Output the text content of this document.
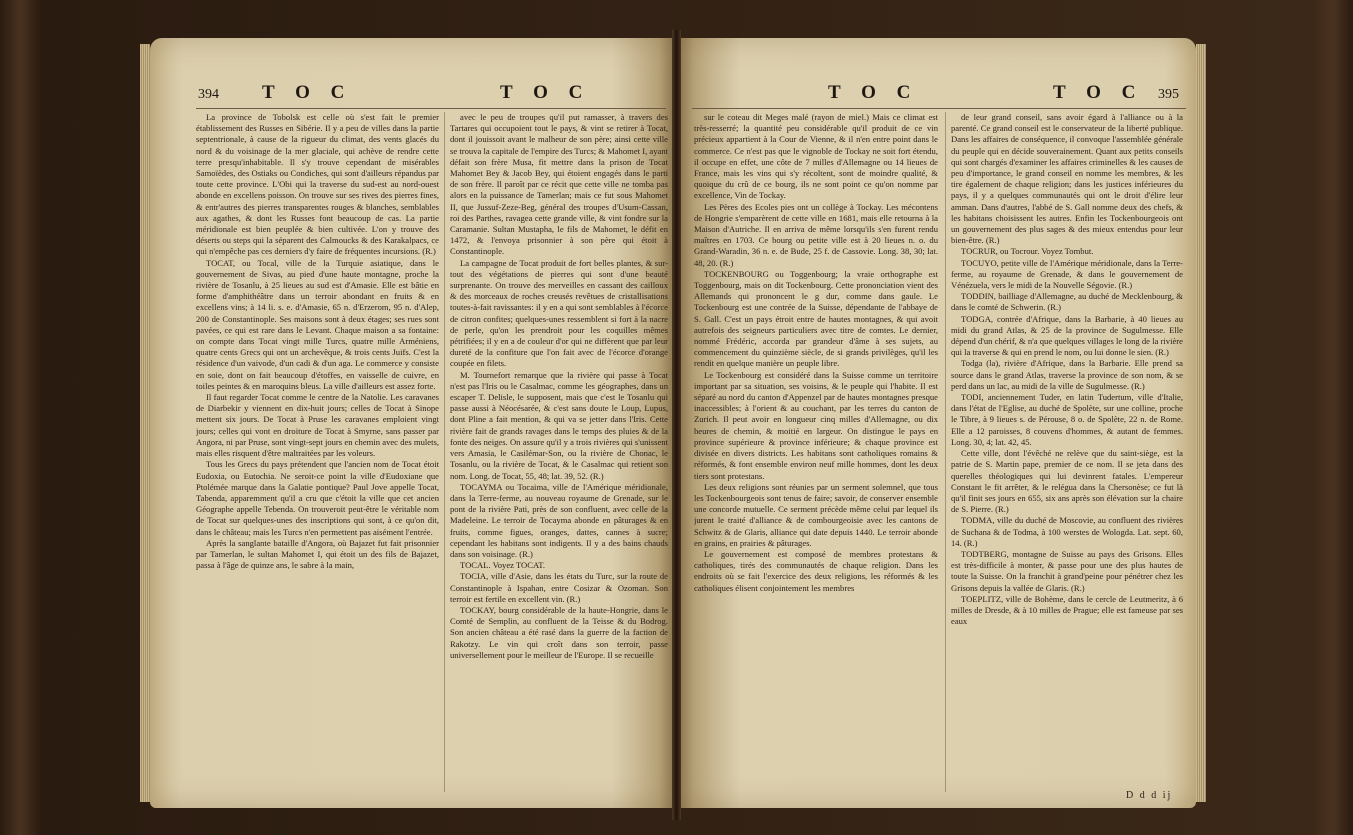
394 T O C	T O C

La province de Tobolsk est celle où s'est fait le premier établissement des Russes en Sibérie. Il y a peu de villes dans la partie septentrionale, à cause de la rigueur du climat, des vents glacés du nord & du voisinage de la mer glaciale, qui achève de rendre cette terre presqu'inhabitable. Il s'y trouve cependant de misérables Samoïèdes, des Ostiaks ou Condiches, qui sont d'ailleurs répandus par toute cette province. L'Obi qui la traverse du sud-est au nord-ouest abonde en excellens poisson. On trouve sur ses rives des pierres fines, & entr'autres des pierres transparentes rouges & blanches, semblables aux agathes, & dont les Russes font beaucoup de cas. La partie méridionale est bien peuplée & bien cultivée. L'on y trouve des déserts ou steps qui la séparent des Calmoucks & des Karakalpacs, ce qui n'empêche pas ces derniers d'y faire de fréquentes incursions. (R.)

TOCAT, ou Tocal, ville de la Turquie asiatique, dans le gouvernement de Sivas, au pied d'une haute montagne, proche la rivière de Tosanlu, à 25 lieues au sud est d'Amasie. Elle est bâtie en forme d'amphithéâtre dans un terroir abondant en fruits & en excellens vins; à 14 li. s. e. d'Amasie, 65 n. d'Erzerom, 95 n. d'Alep, 200 de Constantinople. Ses maisons sont à deux étages; ses rues sont pavées, ce qui est rare dans le Levant. Chaque maison a sa fontaine: on compte dans Tocat vingt mille Turcs, quatre mille Arméniens, quatre cents Grecs qui ont un archevêque, & trois cents Juifs. C'est la résidence d'un vaivode, d'un cadi & d'un aga. Le commerce y consiste en soie, dont on fait beaucoup d'étoffes, en vaisselle de cuivre, en toiles peintes & en maroquins bleus. La ville d'ailleurs est assez forte.

Il faut regarder Tocat comme le centre de la Natolie. Les caravanes de Diarbekir y viennent en dix-huit jours; celles de Tocat à Sinope mettent six jours. De Tocat à Pruse les caravanes emploient vingt jours; celles qui vont en droiture de Tocat à Smyrne, sans passer par Angora, ni par Pruse, sont vingt-sept jours en chemin avec des mulets, mais elles risquent d'être maltraitées par les voleurs.

Tous les Grecs du pays prétendent que l'ancien nom de Tocat étoit Eudoxia, ou Eutochia. Ne seroit-ce point la ville d'Eudoxiane que Ptolémée marque dans la Galatie pontique? Paul Jove appelle Tocat, Tabenda, apparemment qu'il a cru que c'étoit la ville que cet ancien Géographe appelle Tebenda. On trouveroit peut-être le véritable nom de Tocat sur quelques-unes des inscriptions qui sont, à ce qu'on dit, dans le château; mais les Turcs n'en permettent pas aisément l'entrée.

Après la sanglante bataille d'Angora, où Bajazet fut fait prisonnier par Tamerlan, le sultan Mahomet I, qui étoit un des fils de Bajazet, passa à l'âge de quinze ans, le sabre à la main,

avec le peu de troupes qu'il put ramasser, à travers des Tartares qui occupoient tout le pays, & vint se retirer à Tocat, dont il jouissoit avant le malheur de son père; ainsi cette ville se trouva la capitale de l'empire des Turcs; & Mahomet I, ayant défait son frère Musa, fit mettre dans la prison de Tocat Mahomet Bey & Jacob Bey, qui étoient engagés dans le parti de son frère. Il paroît par ce récit que cette ville ne tomba pas alors en la puissance de Tamerlan; mais ce fut sous Mahomet II, que Jussuf-Zeze-Beg, général des troupes d'Usum-Cassan, roi des Parthes, ravagea cette grande ville, & vint fondre sur la Caramanie. Sultan Mustapha, le fils de Mahomet, le défit en 1472, & l'envoya prisonnier à son père qui étoit à Constantinople.

La campagne de Tocat produit de fort belles plantes, & sur-tout des végétations de pierres qui sont d'une beauté surprenante. On trouve des merveilles en cassant des cailloux & des morceaux de roches creusés revêtues de cristallisations toutes-à-fait ravissantes: il y en a qui sont semblables à l'écorce de citron confites; quelques-unes ressemblent si fort à la nacre de perle, qu'on les prendroit pour les coquilles mêmes pétrifiées; il y en a de couleur d'or qui ne diffèrent que par leur dureté de la confiture que l'on fait avec de l'écorce d'orange coupée en filets.

M. Tournefort remarque que la rivière qui passe à Tocat n'est pas l'Iris ou le Casalmac, comme les géographes, dans un escaper T. Delisle, le supposent, mais que c'est le Tosanlu qui passe aussi à Néocésarée, & c'est sans doute le Loup, Lupus, dont Pline a fait mention, & qui va se jetter dans l'Iris. Cette rivière fait de grands ravages dans le temps des pluies & de la fonte des neiges. On assure qu'il y a trois rivières qui s'unissent vers Amasia, le Casilémar-Son, ou la rivière de Chonac, le Tosanlu, ou la rivière de Tocat, & le Casalmac qui retient son nom. Long. de Tocat, 55, 48; lat. 39, 52. (R.)

TOCAYMA ou Tocaima, ville de l'Amérique méridionale, dans la Terre-ferme, au nouveau royaume de Grenade, sur le pont de la rivière Pati, près de son confluent, avec celle de la Madeleine. Le terroir de Tocayma abonde en pâturages & en fruits, comme figues, oranges, dattes, cannes à sucre; cependant les habitans sont indigents. Il y a des bains chauds dans son voisinage. (R.)

TOCAL. Voyez TOCAT.

TOCIA, ville d'Asie, dans les états du Turc, sur la route de Constantinople à Ispahan, entre Cosizar & Ozoman. Son terroir est fertile en excellent vin. (R.)

TOCKAY, bourg considérable de la haute-Hongrie, dans le Comté de Semplin, au confluent de la Teisse & du Bodrog. Son ancien château a été rasé dans la guerre de la faction de Rakotzy. Le vin qui croît dans son terroir, passe universellement pour le meilleur de l'Europe. Il se recueille

T O C	T O C 395

sur le coteau dit Meges malé (rayon de miel.) Mais ce climat est très-resserré; la quantité peu considérable qu'il produit de ce vin précieux appartient à la Cour de Vienne, & il n'en entre point dans le commerce. Ce n'est pas que le vignoble de Tockay ne soit fort étendu, il occupe en effet, une côte de 7 milles d'Allemagne ou 14 lieues de France, mais les vins qui s'y récoltent, sont de moindre qualité, & quoique du crû de ce bourg, ils ne sont point ce qu'on nomme par excellence, Vin de Tockay.

Les Pères des Ecoles pies ont un collège à Tockay. Les mécontens de Hongrie s'emparèrent de cette ville en 1681, mais elle retourna à la Maison d'Autriche. Il en arriva de même lorsqu'ils s'en furent rendu maîtres en 1703. Ce bourg ou petite ville est à 20 lieues n. o. du Grand-Waradin, 36 n. e. de Bude, 25 f. de Cassovie. Long. 38, 30; lat. 48, 20. (R.)

TOCKENBOURG ou Toggenbourg; la vraie orthographe est Toggenbourg, mais on dit Tockenbourg. Cette prononciation vient des Allemands qui prononcent le g dur, comme dans gaule. Le Tockenbourg est une contrée de la Suisse, dépendante de l'abbaye de S. Gall. C'est un pays étroit entre de hautes montagnes, & qui avoit autrefois des seigneurs particuliers avec titre de comtes. Le dernier, nommé Frédéric, accorda par grandeur d'âme à ses sujets, au commencement du quinzième siècle, de si grands privilèges, qu'il les rendit en quelque manière un peuple libre.

Le Tockenbourg est considéré dans la Suisse comme un territoire important par sa situation, ses voisins, & le peuple qui l'habite. Il est séparé au nord du canton d'Appenzel par de hautes montagnes presque inaccessibles; à l'orient & au couchant, par les terres du canton de Zurich. Il peut avoir en longueur cinq milles d'Allemagne, ou dix heures de chemin, & moitié en largeur. On distingue le pays en province supérieure & province inférieure; & chaque province est divisée en divers districts. Les habitans sont catholiques romains & réformés, & font ensemble environ neuf mille hommes, dont les deux tiers sont protestans.

Les deux religions sont réunies par un serment solemnel, que tous les Tockenbourgeois sont tenus de faire; savoir, de conserver ensemble une concorde mutuelle. Ce serment précède même celui par lequel ils jurent le traité d'alliance & de combourgeoisie avec les cantons de Schwitz & de Glaris, alliance qui date depuis 1440. Le terroir abonde en grains, en prairies & pâturages.

Le gouvernement est composé de membres protestans & catholiques, tirés des communautés de chaque religion. Dans les endroits où se fait l'exercice des deux religions, les réformés & les catholiques élisent conjointement les membres

de leur grand conseil, sans avoir égard à l'alliance ou à la parenté. Ce grand conseil est le conservateur de la liberté publique. Dans les affaires de conséquence, il convoque l'assemblée générale du peuple qui en décide souverainement. Quant aux petits conseils qui sont chargés d'examiner les affaires criminelles & les causes de peu d'importance, le grand conseil en nomme les membres, & les tire également de chaque religion; dans les justices inférieures du pays, il y a quelques communautés qui ont le droit d'élire leur amman. Dans d'autres, l'abbé de S. Gall nomme deux des chefs, & les habitans choisissent les autres. Enfin les Tockenbourgeois ont un gouvernement des plus sages & des mieux entendus pour leur bien-être. (R.)

TOCRUR, ou Tocrour. Voyez Tombut.

TOCUYO, petite ville de l'Amérique méridionale, dans la Terre-ferme, au royaume de Grenade, & dans le gouvernement de Vénézuela, vers le midi de la Nouvelle Ségovie. (R.)

TODDIN, bailliage d'Allemagne, au duché de Mecklenbourg, & dans le comté de Schwerin. (R.)

TODGA, contrée d'Afrique, dans la Barbarie, à 40 lieues au midi du grand Atlas, & 25 de la province de Sugulmesse. Elle dépend d'un chérif, & n'a que quelques villages le long de la rivière qui la traverse & qui en prend le nom, ou lui donne le sien. (R.)

Todga (la), rivière d'Afrique, dans la Barbarie. Elle prend sa source dans le grand Atlas, traverse la province de son nom, & se perd dans un lac, au midi de la ville de Sugulmesse. (R.)

TODI, anciennement Tuder, en latin Tudertum, ville d'Italie, dans l'état de l'Eglise, au duché de Spolète, sur une colline, proche le Tibre, à 9 lieues s. de Pérouse, 8 o. de Spolète, 22 n. de Rome. Elle a 12 paroisses, 8 couvens d'hommes, & autant de femmes. Long. 30, 4; lat. 42, 45.

Cette ville, dont l'évêché ne relève que du saint-siège, est la patrie de S. Martin pape, premier de ce nom. Il se jeta dans des querelles théologiques qui lui devinrent fatales. L'empereur Constant le fit arrêter, & le relégua dans la Chersonèse; ce fut là qu'il finit ses jours en 655, six ans après son élévation sur la chaire de S. Pierre. (R.)

TODMA, ville du duché de Moscovie, au confluent des rivières de Suchana & de Todma, à 100 werstes de Wologda. Lat. sept. 60, 14. (R.)

TODTBERG, montagne de Suisse au pays des Grisons. Elles est très-difficile à monter, & passe pour une des plus hautes de toute la Suisse. On la franchit à grand'peine pour pénétrer chez les Grisons depuis la vallée de Glaris. (R.)

TOEPLITZ, ville de Bohème, dans le cercle de Leutmeritz, à 6 milles de Dresde, & à 10 milles de Prague; elle est fameuse par ses eaux

D d d ij
